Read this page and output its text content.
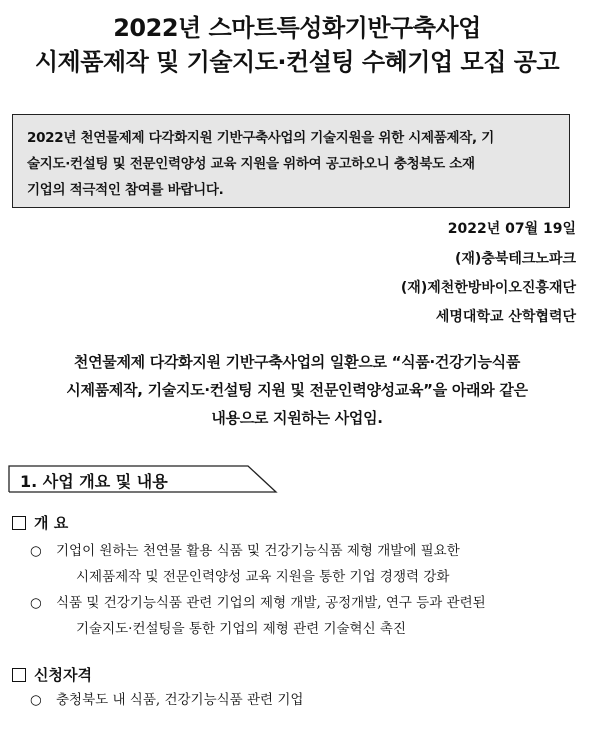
2022년 스마트특성화기반구축사업
시제품제작 및 기술지도·컨설팅 수혜기업 모집 공고
2022년 천연물제제 다각화지원 기반구축사업의 기술지원을 위한 시제품제작, 기
술지도·컨설팅 및 전문인력양성 교육 지원을 위하여 공고하오니 충청북도 소재
기업의 적극적인 참여를 바랍니다.
2022년 07월 19일
(재)충북테크노파크
(재)제천한방바이오진흥재단
세명대학교 산학협력단
천연물제제 다각화지원 기반구축사업의 일환으로 “식품·건강기능식품
시제품제작, 기술지도·컨설팅 지원 및 전문인력양성교육”을 아래와 같은
내용으로 지원하는 사업임.
1. 사업 개요 및 내용
개 요
○ 기업이 원하는 천연물 활용 식품 및 건강기능식품 제형 개발에 필요한
시제품제작 및 전문인력양성 교육 지원을 통한 기업 경쟁력 강화
○ 식품 및 건강기능식품 관련 기업의 제형 개발, 공정개발, 연구 등과 관련된
기술지도·컨설팅을 통한 기업의 제형 관련 기술혁신 촉진
신청자격
○ 충청북도 내 식품, 건강기능식품 관련 기업
